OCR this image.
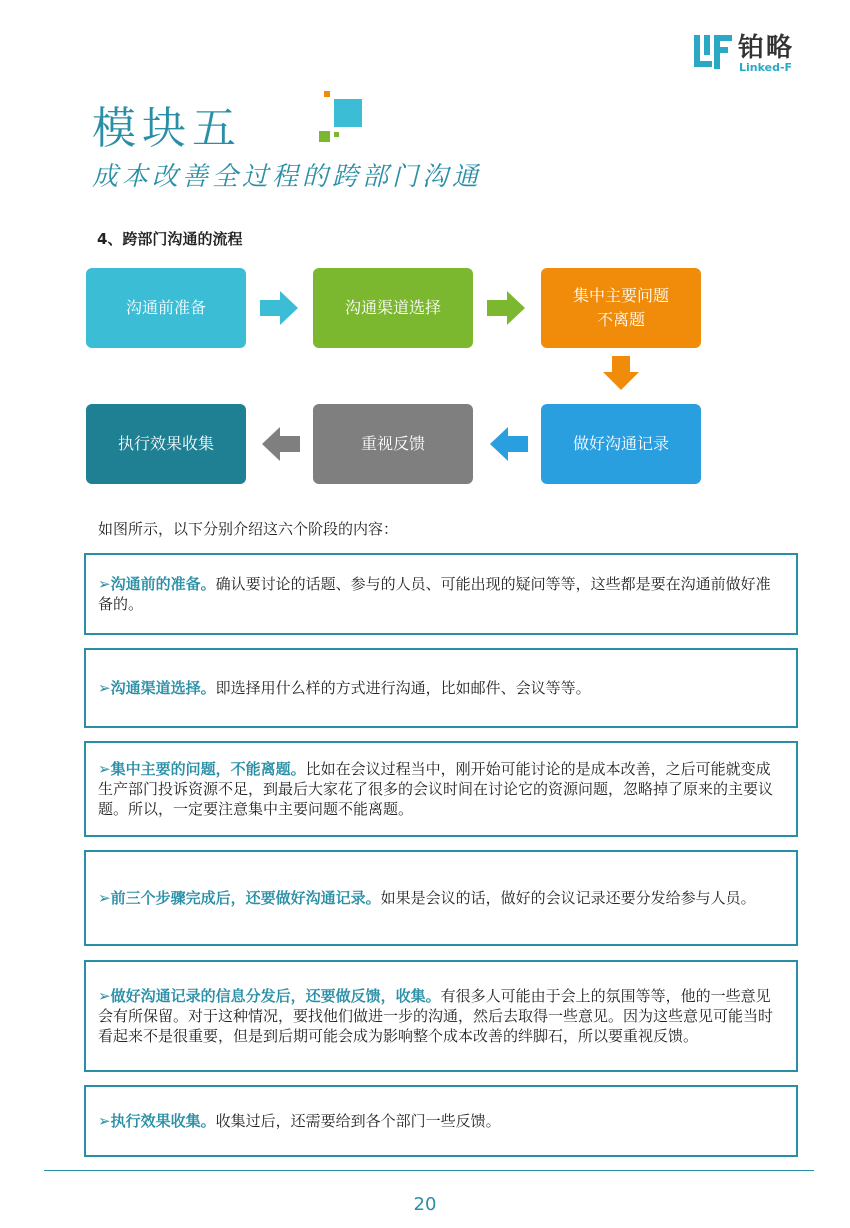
铂略
Linked-F
模块五
成本改善全过程的跨部门沟通
4、跨部门沟通的流程
沟通前准备	沟通渠道选择
集中主要问题
不离题
做好沟通记录
重视反馈
执行效果收集
如图所示，以下分别介绍这六个阶段的内容：

➢沟通前的准备。确认要讨论的话题、参与的人员、可能出现的疑问等等，这些都是要在沟通前做好准备的。

➢沟通渠道选择。即选择用什么样的方式进行沟通，比如邮件、会议等等。

➢集中主要的问题，不能离题。比如在会议过程当中，刚开始可能讨论的是成本改善，之后可能就变成生产部门投诉资源不足，到最后大家花了很多的会议时间在讨论它的资源问题，忽略掉了原来的主要议题。所以，一定要注意集中主要问题不能离题。

➢前三个步骤完成后，还要做好沟通记录。如果是会议的话，做好的会议记录还要分发给参与人员。

➢做好沟通记录的信息分发后，还要做反馈，收集。有很多人可能由于会上的氛围等等，他的一些意见会有所保留。对于这种情况，要找他们做进一步的沟通，然后去取得一些意见。因为这些意见可能当时看起来不是很重要，但是到后期可能会成为影响整个成本改善的绊脚石，所以要重视反馈。

➢执行效果收集。收集过后，还需要给到各个部门一些反馈。

20
